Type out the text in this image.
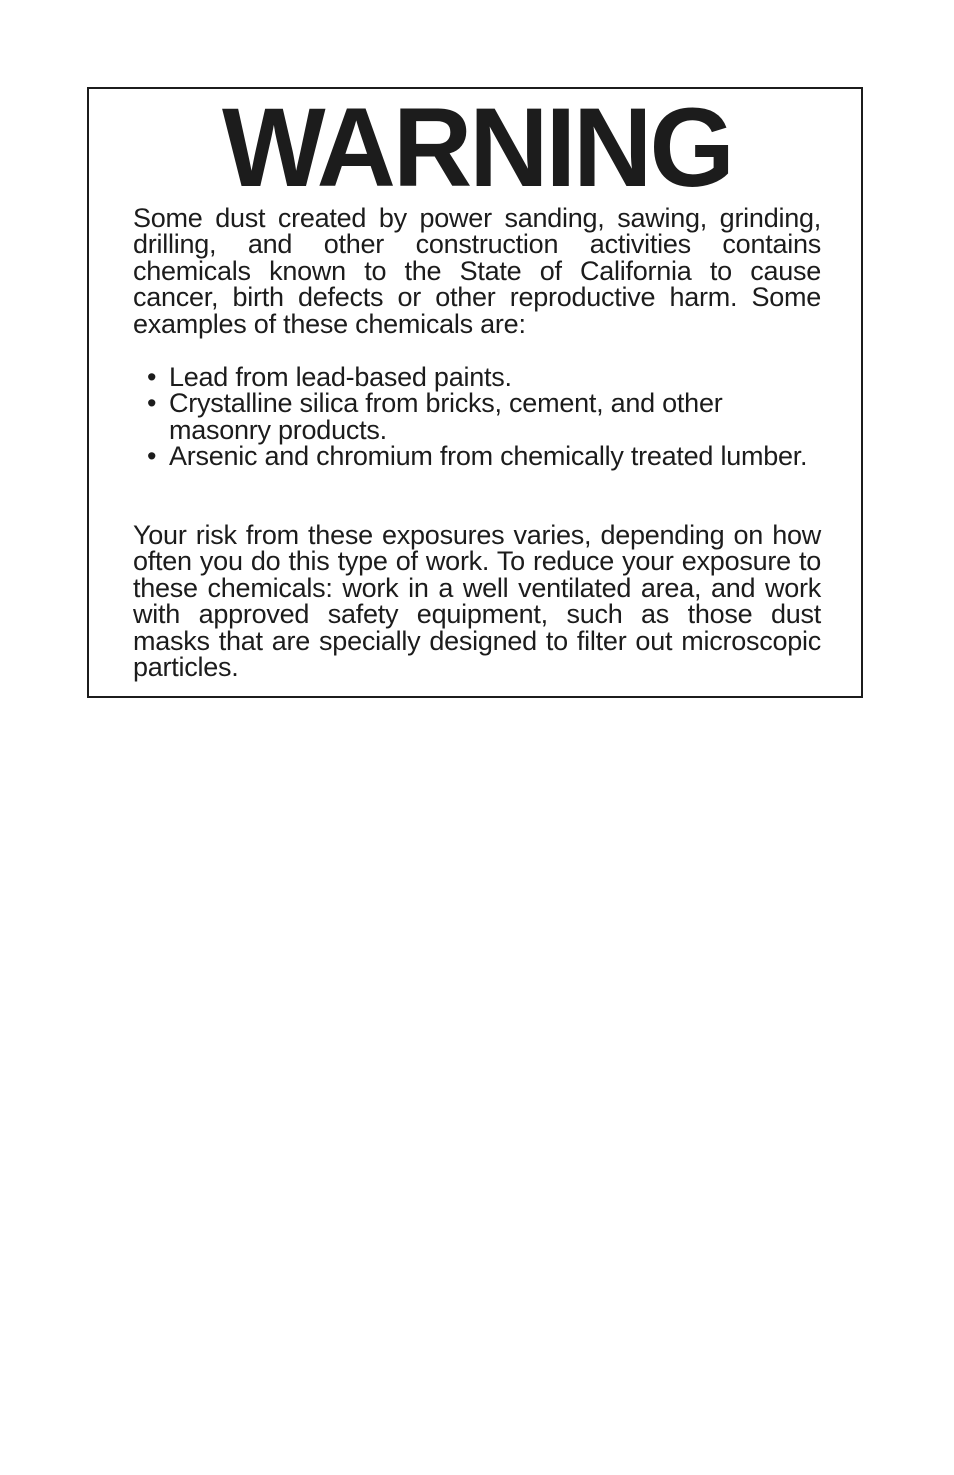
WARNING

Some dust created by power sanding, sawing, grinding, drilling, and other construction activities contains chemicals known to the State of California to cause cancer, birth defects or other reproductive harm. Some examples of these chemicals are:

• Lead from lead-based paints.
• Crystalline silica from bricks, cement, and other masonry products.
• Arsenic and chromium from chemically treated lumber.

Your risk from these exposures varies, depending on how often you do this type of work. To reduce your exposure to these chemicals: work in a well ventilated area, and work with approved safety equipment, such as those dust masks that are specially designed to filter out microscopic particles.
